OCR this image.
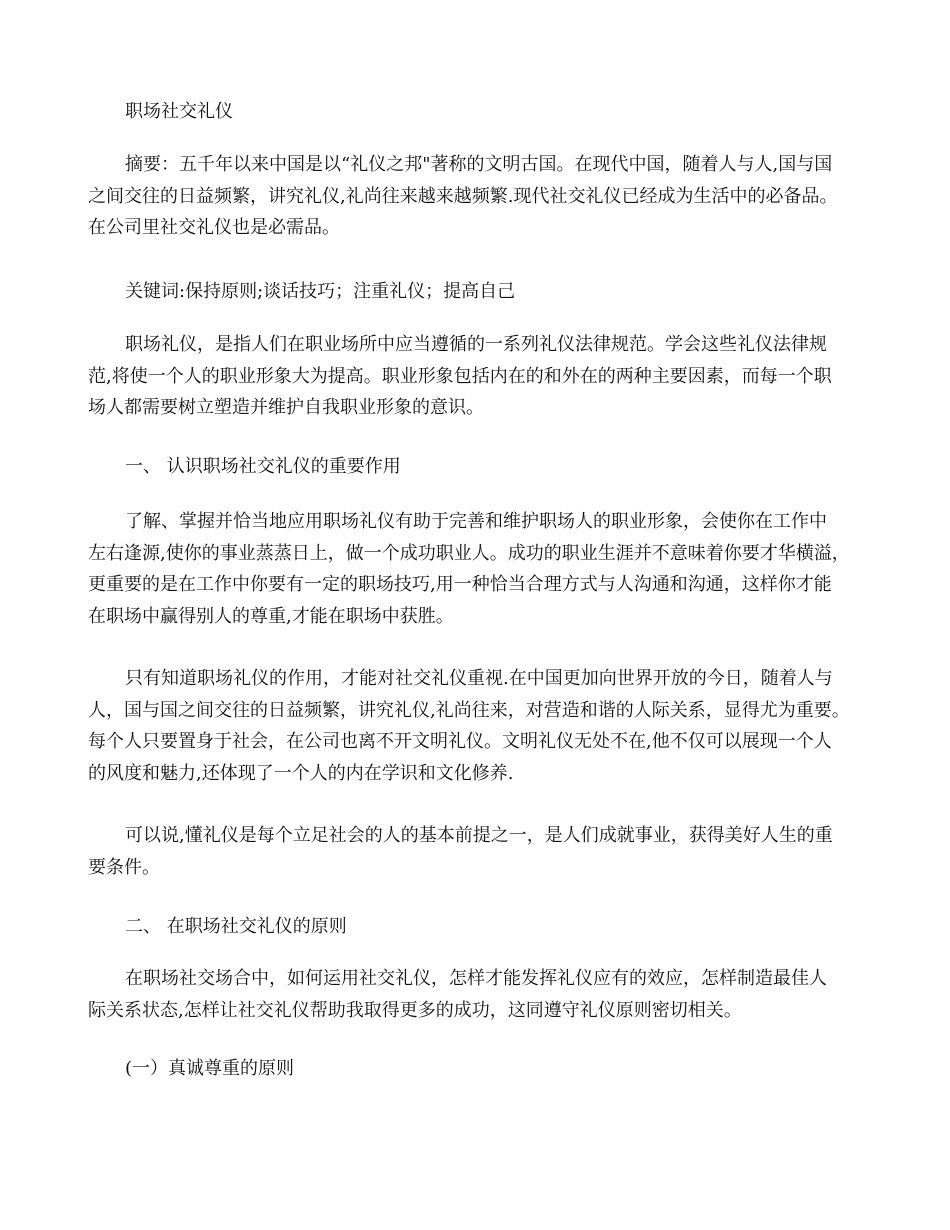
职场社交礼仪

摘要：五千年以来中国是以“礼仪之邦"著称的文明古国。在现代中国，随着人与人,国与国
之间交往的日益频繁，讲究礼仪,礼尚往来越来越频繁.现代社交礼仪已经成为生活中的必备品。
在公司里社交礼仪也是必需品。

关键词:保持原则;谈话技巧；注重礼仪；提高自己

职场礼仪，是指人们在职业场所中应当遵循的一系列礼仪法律规范。学会这些礼仪法律规
范,将使一个人的职业形象大为提高。职业形象包括内在的和外在的两种主要因素，而每一个职
场人都需要树立塑造并维护自我职业形象的意识。

一、 认识职场社交礼仪的重要作用

了解、掌握并恰当地应用职场礼仪有助于完善和维护职场人的职业形象，会使你在工作中
左右逢源,使你的事业蒸蒸日上，做一个成功职业人。成功的职业生涯并不意味着你要才华横溢，
更重要的是在工作中你要有一定的职场技巧,用一种恰当合理方式与人沟通和沟通，这样你才能
在职场中赢得别人的尊重,才能在职场中获胜。

只有知道职场礼仪的作用，才能对社交礼仪重视.在中国更加向世界开放的今日，随着人与
人，国与国之间交往的日益频繁，讲究礼仪,礼尚往来，对营造和谐的人际关系，显得尤为重要。
每个人只要置身于社会，在公司也离不开文明礼仪。文明礼仪无处不在,他不仅可以展现一个人
的风度和魅力,还体现了一个人的内在学识和文化修养.

可以说,懂礼仪是每个立足社会的人的基本前提之一，是人们成就事业，获得美好人生的重
要条件。

二、 在职场社交礼仪的原则

在职场社交场合中，如何运用社交礼仪，怎样才能发挥礼仪应有的效应，怎样制造最佳人
际关系状态,怎样让社交礼仪帮助我取得更多的成功，这同遵守礼仪原则密切相关。

(一）真诚尊重的原则
